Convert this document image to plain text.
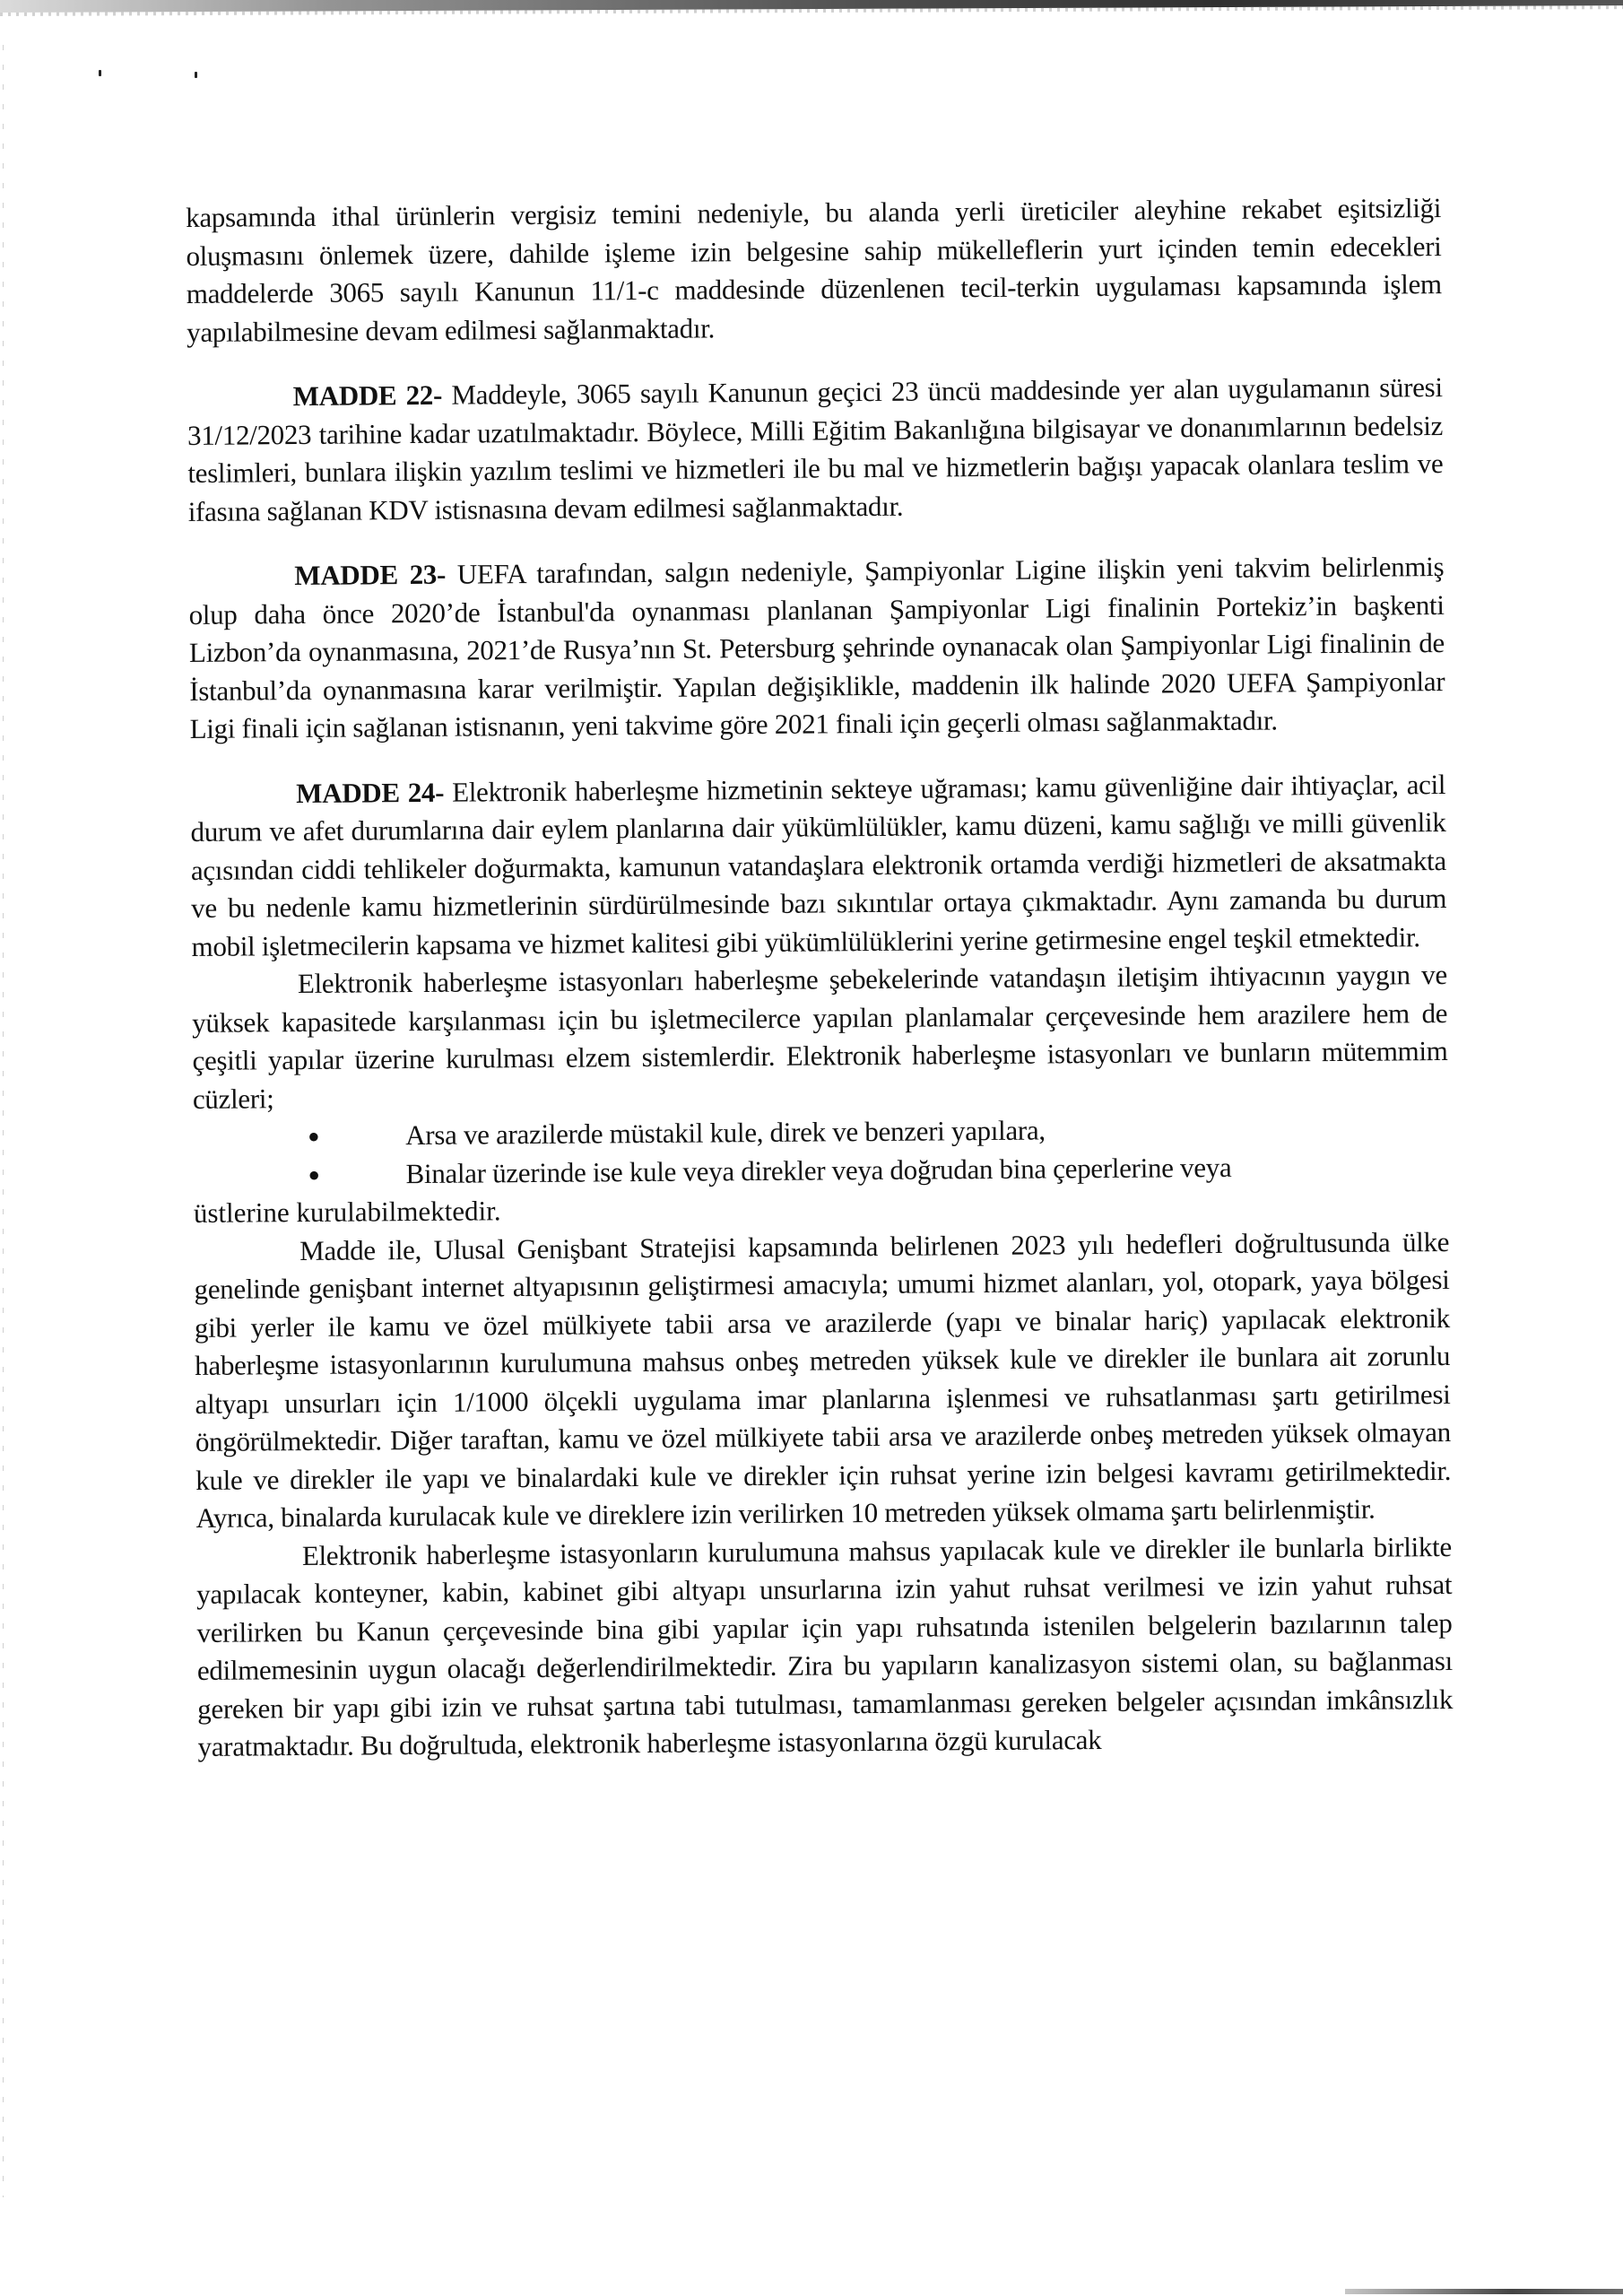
kapsamında ithal ürünlerin vergisiz temini nedeniyle, bu alanda yerli üreticiler aleyhine rekabet eşitsizliği oluşmasını önlemek üzere, dahilde işleme izin belgesine sahip mükelleflerin yurt içinden temin edecekleri maddelerde 3065 sayılı Kanunun 11/1-c maddesinde düzenlenen tecil-terkin uygulaması kapsamında işlem yapılabilmesine devam edilmesi sağlanmaktadır.

MADDE 22- Maddeyle, 3065 sayılı Kanunun geçici 23 üncü maddesinde yer alan uygulamanın süresi 31/12/2023 tarihine kadar uzatılmaktadır. Böylece, Milli Eğitim Bakanlığına bilgisayar ve donanımlarının bedelsiz teslimleri, bunlara ilişkin yazılım teslimi ve hizmetleri ile bu mal ve hizmetlerin bağışı yapacak olanlara teslim ve ifasına sağlanan KDV istisnasına devam edilmesi sağlanmaktadır.

MADDE 23- UEFA tarafından, salgın nedeniyle, Şampiyonlar Ligine ilişkin yeni takvim belirlenmiş olup daha önce 2020’de İstanbul'da oynanması planlanan Şampiyonlar Ligi finalinin Portekiz’in başkenti Lizbon’da oynanmasına, 2021’de Rusya’nın St. Petersburg şehrinde oynanacak olan Şampiyonlar Ligi finalinin de İstanbul’da oynanmasına karar verilmiştir. Yapılan değişiklikle, maddenin ilk halinde 2020 UEFA Şampiyonlar Ligi finali için sağlanan istisnanın, yeni takvime göre 2021 finali için geçerli olması sağlanmaktadır.

MADDE 24- Elektronik haberleşme hizmetinin sekteye uğraması; kamu güvenliğine dair ihtiyaçlar, acil durum ve afet durumlarına dair eylem planlarına dair yükümlülükler, kamu düzeni, kamu sağlığı ve milli güvenlik açısından ciddi tehlikeler doğurmakta, kamunun vatandaşlara elektronik ortamda verdiği hizmetleri de aksatmakta ve bu nedenle kamu hizmetlerinin sürdürülmesinde bazı sıkıntılar ortaya çıkmaktadır. Aynı zamanda bu durum mobil işletmecilerin kapsama ve hizmet kalitesi gibi yükümlülüklerini yerine getirmesine engel teşkil etmektedir.

Elektronik haberleşme istasyonları haberleşme şebekelerinde vatandaşın iletişim ihtiyacının yaygın ve yüksek kapasitede karşılanması için bu işletmecilerce yapılan planlamalar çerçevesinde hem arazilere hem de çeşitli yapılar üzerine kurulması elzem sistemlerdir. Elektronik haberleşme istasyonları ve bunların mütemmim cüzleri;

●	Arsa ve arazilerde müstakil kule, direk ve benzeri yapılara,
●	Binalar üzerinde ise kule veya direkler veya doğrudan bina çeperlerine veya

üstlerine kurulabilmektedir.

Madde ile, Ulusal Genişbant Stratejisi kapsamında belirlenen 2023 yılı hedefleri doğrultusunda ülke genelinde genişbant internet altyapısının geliştirmesi amacıyla; umumi hizmet alanları, yol, otopark, yaya bölgesi gibi yerler ile kamu ve özel mülkiyete tabii arsa ve arazilerde (yapı ve binalar hariç) yapılacak elektronik haberleşme istasyonlarının kurulumuna mahsus onbeş metreden yüksek kule ve direkler ile bunlara ait zorunlu altyapı unsurları için 1/1000 ölçekli uygulama imar planlarına işlenmesi ve ruhsatlanması şartı getirilmesi öngörülmektedir. Diğer taraftan, kamu ve özel mülkiyete tabii arsa ve arazilerde onbeş metreden yüksek olmayan kule ve direkler ile yapı ve binalardaki kule ve direkler için ruhsat yerine izin belgesi kavramı getirilmektedir. Ayrıca, binalarda kurulacak kule ve direklere izin verilirken 10 metreden yüksek olmama şartı belirlenmiştir.

Elektronik haberleşme istasyonların kurulumuna mahsus yapılacak kule ve direkler ile bunlarla birlikte yapılacak konteyner, kabin, kabinet gibi altyapı unsurlarına izin yahut ruhsat verilmesi ve izin yahut ruhsat verilirken bu Kanun çerçevesinde bina gibi yapılar için yapı ruhsatında istenilen belgelerin bazılarının talep edilmemesinin uygun olacağı değerlendirilmektedir. Zira bu yapıların kanalizasyon sistemi olan, su bağlanması gereken bir yapı gibi izin ve ruhsat şartına tabi tutulması, tamamlanması gereken belgeler açısından imkânsızlık yaratmaktadır. Bu doğrultuda, elektronik haberleşme istasyonlarına özgü kurulacak
